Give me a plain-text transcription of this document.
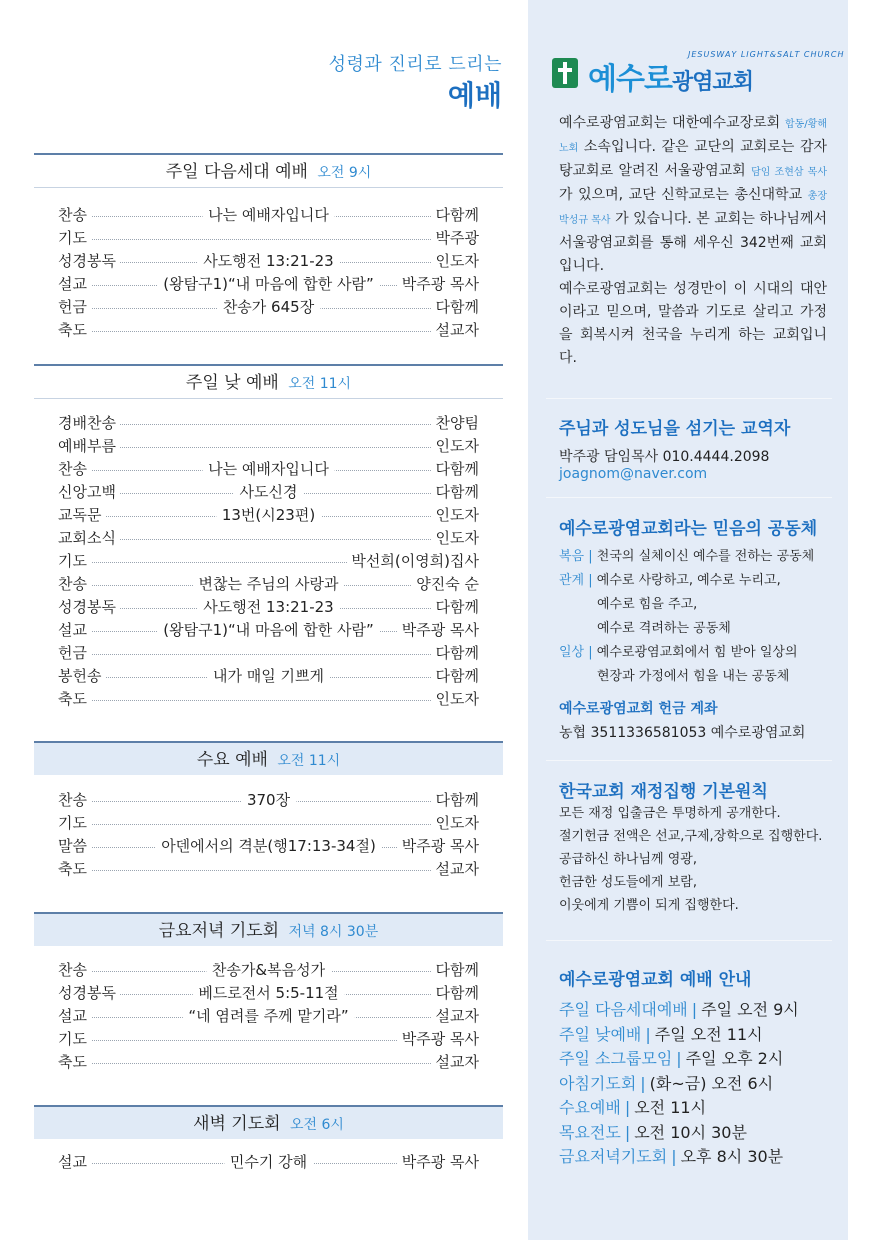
성령과 진리로 드리는
예배
주일 다음세대 예배 오전 9시
찬송	나는 예배자입니다	다함께
기도	박주광
성경봉독	사도행전 13:21-23	인도자
설교	(왕탐구1)“내 마음에 합한 사람”	박주광 목사
헌금	찬송가 645장	다함께
축도	설교자
주일 낮 예배 오전 11시
경배찬송	찬양팀
예배부름	인도자
찬송	나는 예배자입니다	다함께
신앙고백	사도신경	다함께
교독문	13번(시23편)	인도자
교회소식	인도자
기도	박선희(이영희)집사
찬송	변찮는 주님의 사랑과	양진숙 순
성경봉독	사도행전 13:21-23	다함께
설교	(왕탐구1)“내 마음에 합한 사람”	박주광 목사
헌금	다함께
봉헌송	내가 매일 기쁘게	다함께
축도	인도자
수요 예배 오전 11시
찬송	370장	다함께
기도	인도자
말씀	아덴에서의 격분(행17:13-34절)	박주광 목사
축도	설교자
금요저녁 기도회 저녁 8시 30분
찬송	찬송가&복음성가	다함께
성경봉독	베드로전서 5:5-11절	다함께
설교	“네 염려를 주께 맡기라”	설교자
기도	박주광 목사
축도	설교자
새벽 기도회 오전 6시
설교	민수기 강해	박주광 목사
JESUSWAY LIGHT&SALT CHURCH
예수로광염교회
예수로광염교회는 대한예수교장로회 합동/황해노회 소속입니다. 같은 교단의 교회로는 감자탕교회로 알려진 서울광염교회 담임 조현삼 목사 가 있으며, 교단 신학교로는 총신대학교 총장 박성규 목사 가 있습니다. 본 교회는 하나님께서 서울광염교회를 통해 세우신 342번째 교회입니다.
예수로광염교회는 성경만이 이 시대의 대안이라고 믿으며, 말씀과 기도로 살리고 가정을 회복시켜 천국을 누리게 하는 교회입니다.
주님과 성도님을 섬기는 교역자
박주광 담임목사 010.4444.2098
joagnom@naver.com
예수로광염교회라는 믿음의 공동체
복음 | 천국의 실체이신 예수를 전하는 공동체
관계 | 예수로 사랑하고, 예수로 누리고,
예수로 힘을 주고,
예수로 격려하는 공동체
일상 | 예수로광염교회에서 힘 받아 일상의
현장과 가정에서 힘을 내는 공동체
예수로광염교회 헌금 계좌
농협 3511336581053 예수로광염교회
한국교회 재정집행 기본원칙
모든 재정 입출금은 투명하게 공개한다.
절기헌금 전액은 선교,구제,장학으로 집행한다.
공급하신 하나님께 영광,
헌금한 성도들에게 보람,
이웃에게 기쁨이 되게 집행한다.
예수로광염교회 예배 안내
주일 다음세대예배 | 주일 오전 9시
주일 낮예배 | 주일 오전 11시
주일 소그룹모임 | 주일 오후 2시
아침기도회 | (화~금) 오전 6시
수요예배 | 오전 11시
목요전도 | 오전 10시 30분
금요저녁기도회 | 오후 8시 30분
